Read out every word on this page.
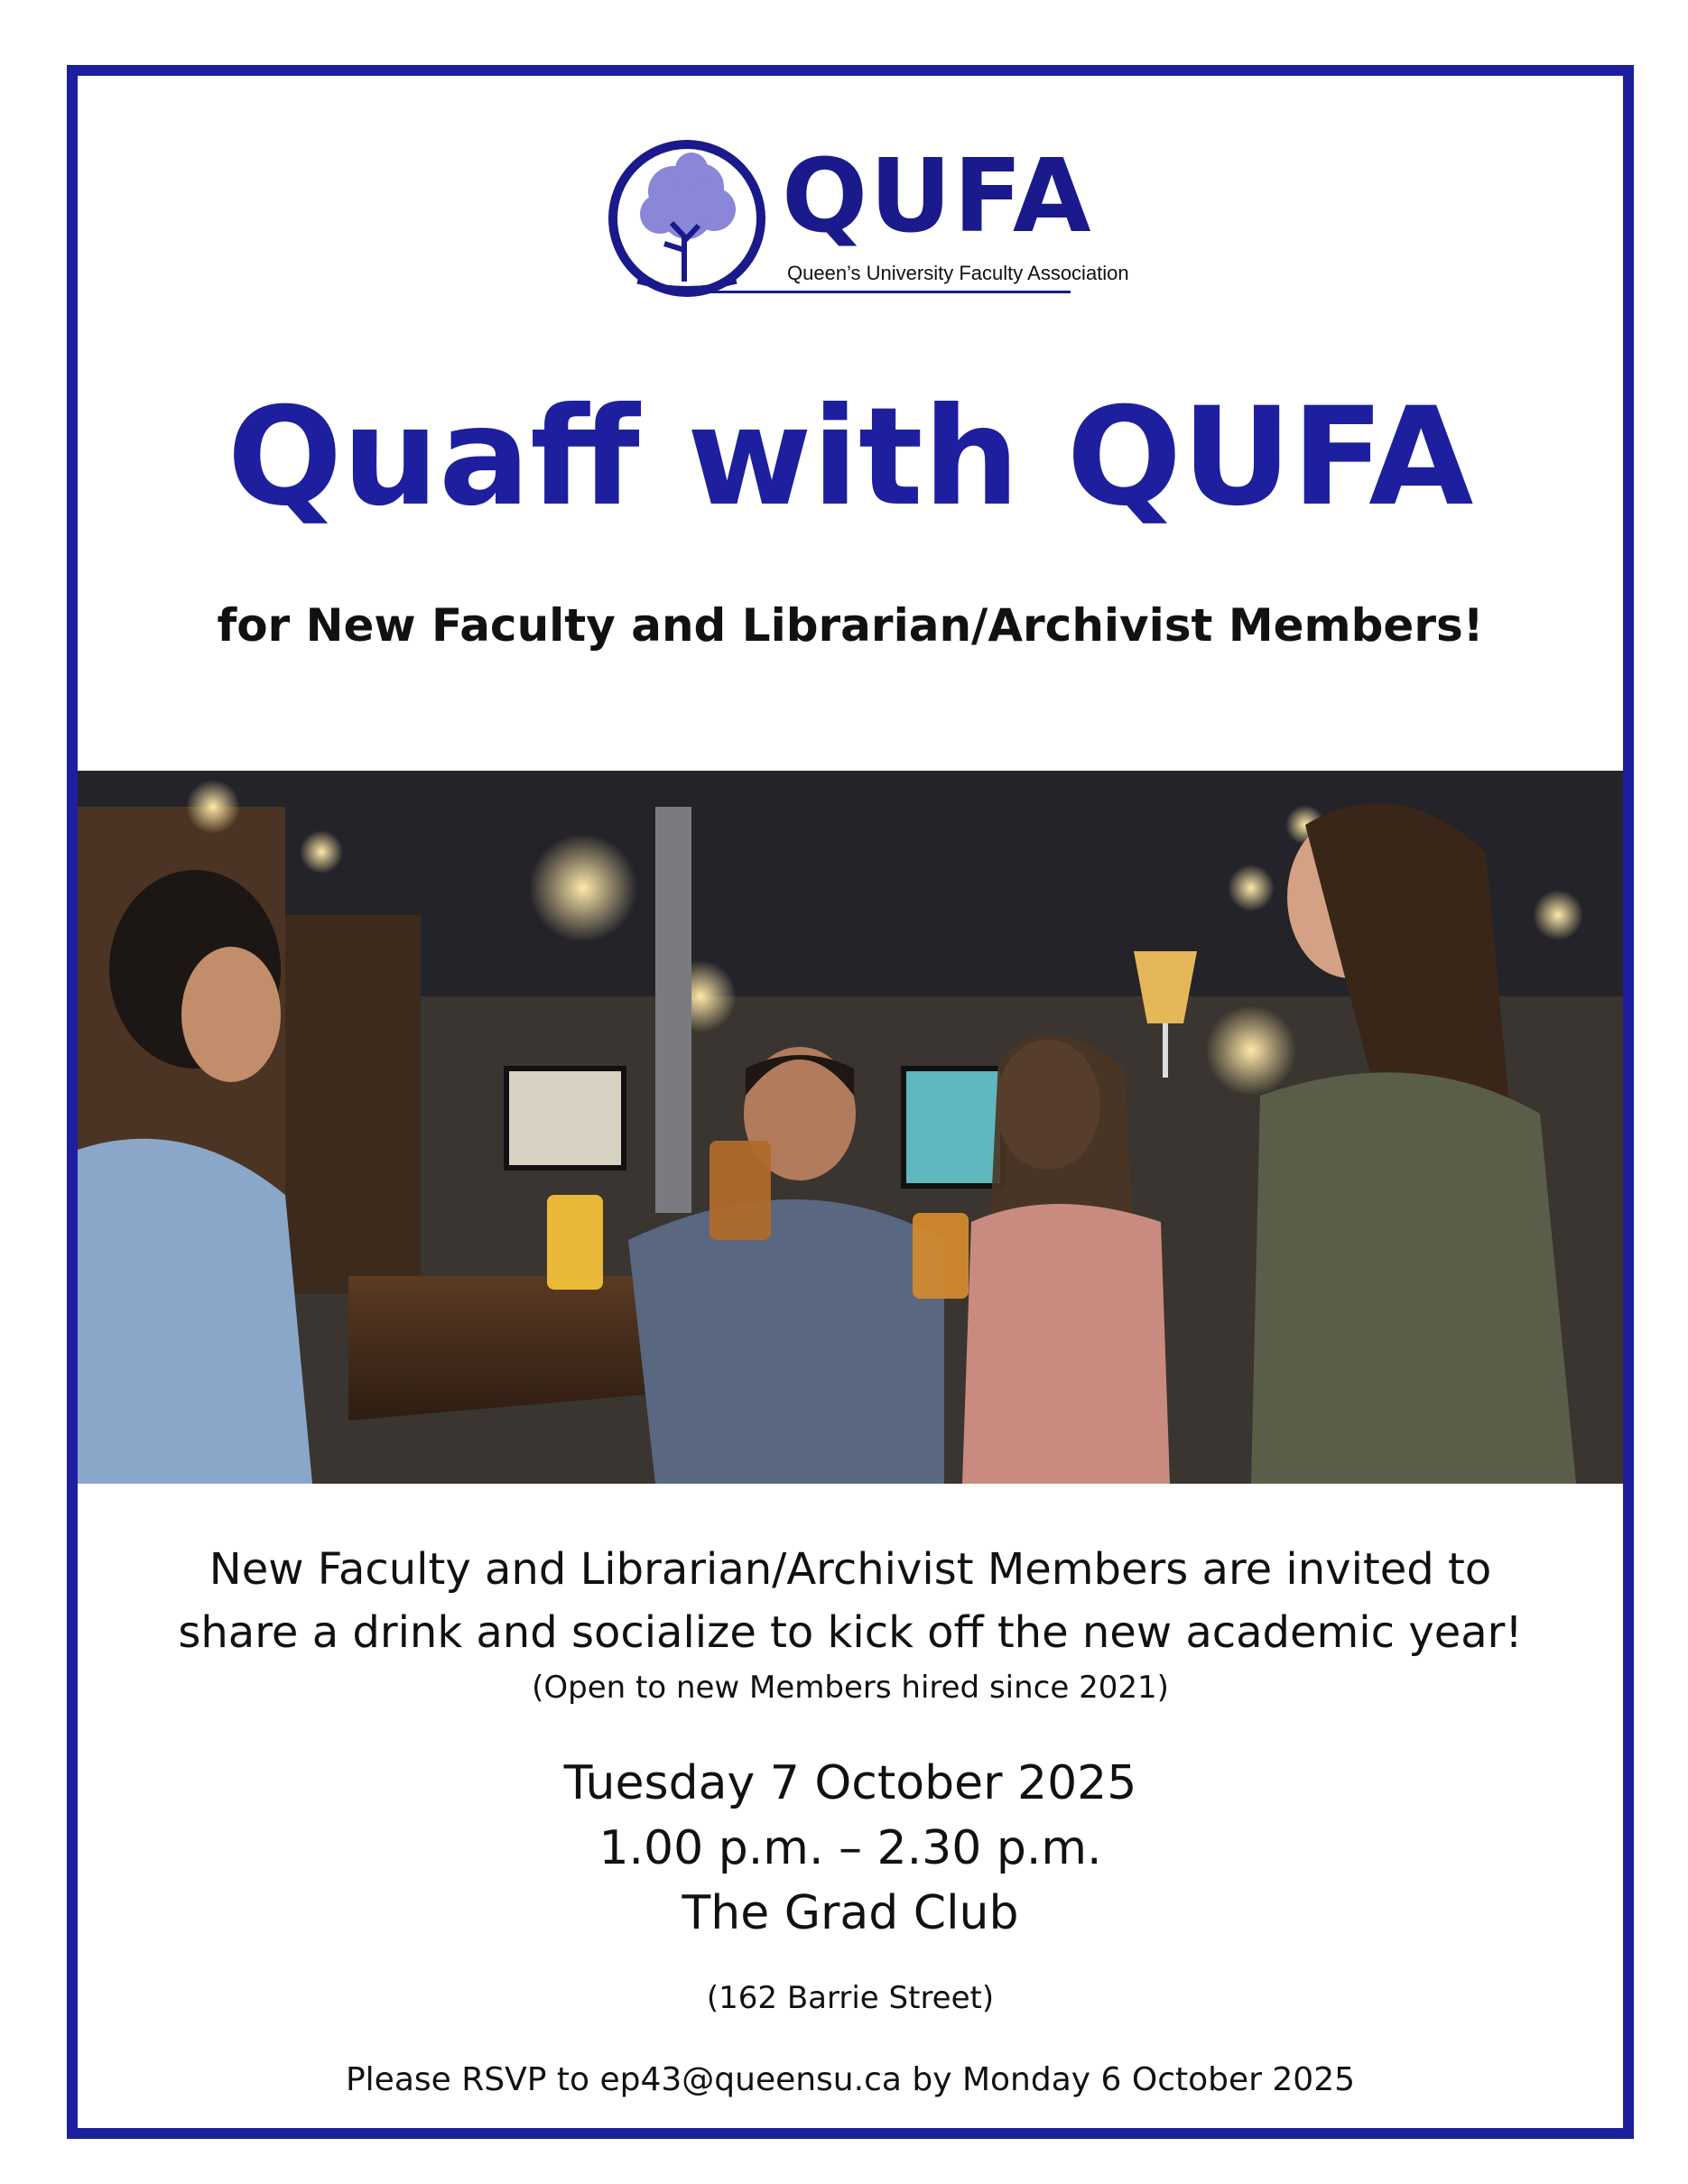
QUFA
Queen’s University Faculty Association
Quaff with QUFA
for New Faculty and Librarian/Archivist Members!
New Faculty and Librarian/Archivist Members are invited to
share a drink and socialize to kick off the new academic year!
(Open to new Members hired since 2021)
Tuesday 7 October 2025
1.00 p.m. – 2.30 p.m.
The Grad Club
(162 Barrie Street)
Please RSVP to ep43@queensu.ca by Monday 6 October 2025
